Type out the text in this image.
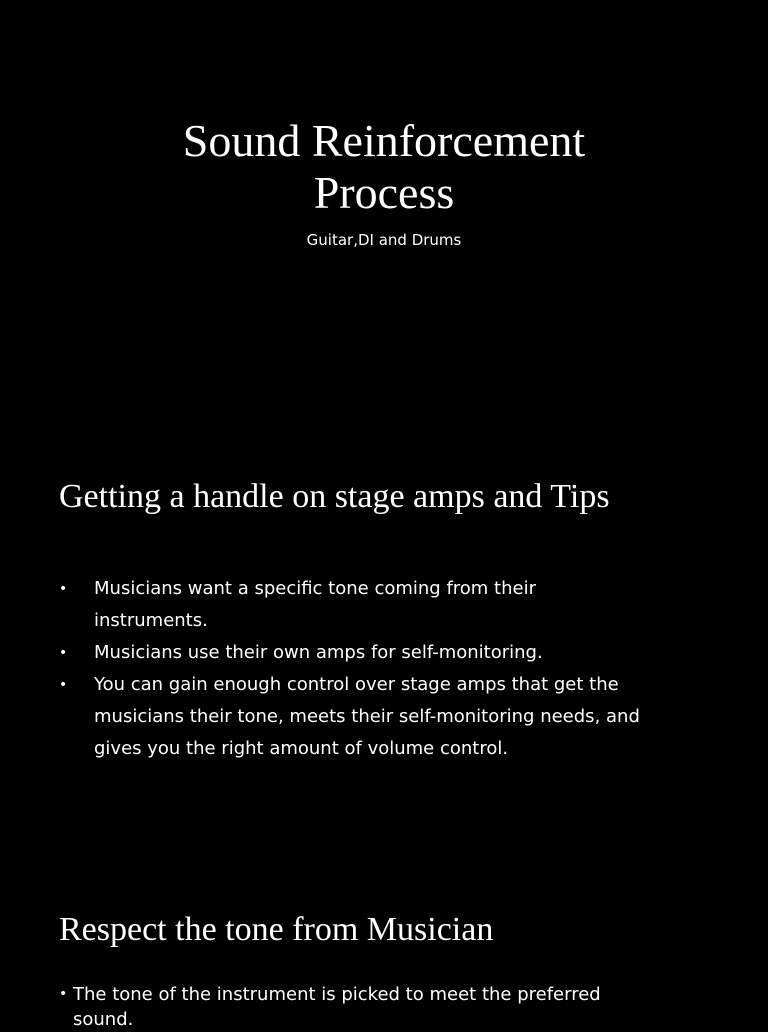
Sound Reinforcement
Process

Guitar,DI and Drums

Getting a handle on stage amps and Tips
• Musicians want a specific tone coming from their instruments.
• Musicians use their own amps for self-monitoring.
• You can gain enough control over stage amps that get the musicians their tone, meets their self-monitoring needs, and gives you the right amount of volume control.
Respect the tone from Musician
• The tone of the instrument is picked to meet the preferred sound.
